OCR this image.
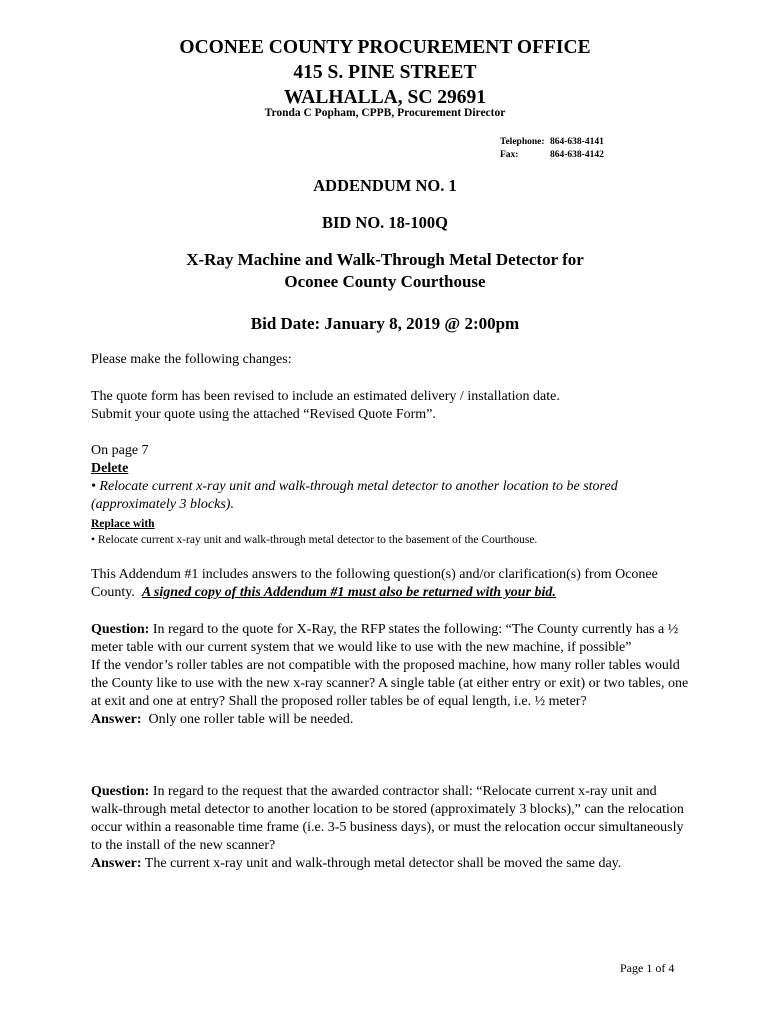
OCONEE COUNTY PROCUREMENT OFFICE
415 S. PINE STREET
WALHALLA, SC 29691
Tronda C Popham, CPPB, Procurement Director
Telephone: 864-638-4141
Fax:	864-638-4142
ADDENDUM NO. 1
BID NO. 18-100Q
X-Ray Machine and Walk-Through Metal Detector for
Oconee County Courthouse
Bid Date: January 8, 2019 @ 2:00pm

Please make the following changes:

The quote form has been revised to include an estimated delivery / installation date.

Submit your quote using the attached “Revised Quote Form”.

On page 7

Delete

• Relocate current x-ray unit and walk-through metal detector to another location to be stored (approximately 3 blocks).

Replace with

• Relocate current x-ray unit and walk-through metal detector to the basement of the Courthouse.

This Addendum #1 includes answers to the following question(s) and/or clarification(s) from Oconee County. A signed copy of this Addendum #1 must also be returned with your bid.

Question: In regard to the quote for X-Ray, the RFP states the following: “The County currently has a ½ meter table with our current system that we would like to use with the new machine, if possible”

If the vendor’s roller tables are not compatible with the proposed machine, how many roller tables would the County like to use with the new x-ray scanner? A single table (at either entry or exit) or two tables, one at exit and one at entry? Shall the proposed roller tables be of equal length, i.e. ½ meter?

Answer: Only one roller table will be needed.

Question: In regard to the request that the awarded contractor shall: “Relocate current x-ray unit and walk-through metal detector to another location to be stored (approximately 3 blocks),” can the relocation occur within a reasonable time frame (i.e. 3-5 business days), or must the relocation occur simultaneously to the install of the new scanner?

Answer: The current x-ray unit and walk-through metal detector shall be moved the same day.

Page 1 of 4
